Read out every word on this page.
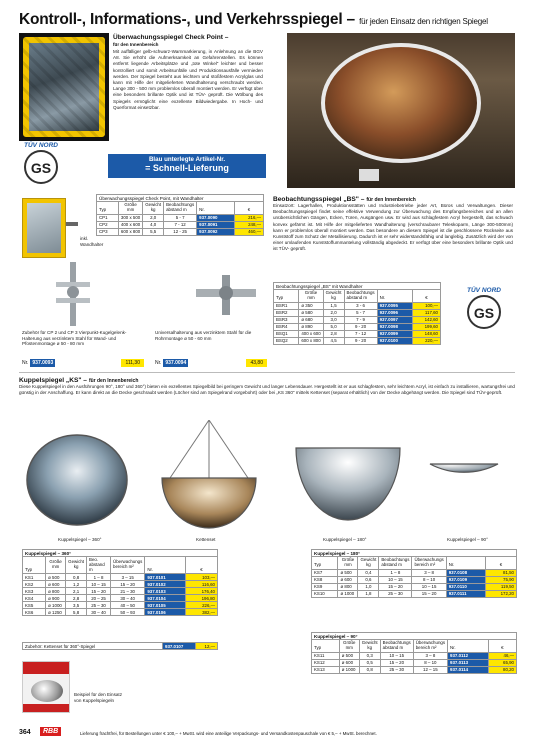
Kontroll-, Informations-, und Verkehrsspiegel – für jeden Einsatz den richtigen Spiegel
Überwachungsspiegel Check Point –
für den Innenbereich
Mit auffälliger gelb-schwarz-Warnmarkierung, in Anlehnung an die BGV A8. Sie erhöht die Aufmerksamkeit an Gefahrenstellen. Es können entfernt liegende Arbeitsplätze und „tote Winkel" leichter und besser kontrolliert und somit Arbeitsunfälle und Produktionsausfälle vermieden werden. Der Spiegel besteht aus leichtem und stoßfestem Acrylglas und kann mit Hilfe der mitgelieferten Wandhalterung verschraubt werden. Lange 300 - 500 mm problemlos überall montiert werden. Er verfügt über eine besonders brillante Optik und ist TÜV- geprüft. Die Wölbung des Spiegels ermöglicht eine exzellente Bildwiedergabe. In Hoch- und Querformat einsetzbar.
TÜV NORD
GS
Blau unterlegte Artikel-Nr.
= Schnell-Lieferung
inkl. Wandhalter
Überwachungsspiegel Check Point, mit Wandhalter					
Typ	Größe mm	Gewicht kg	Beobachtungs abstand m	Nr.	€
CP1	300 x 500	2,0	5 - 7	937.0090	216,—
CP2	400 x 600	4,0	7 - 12	937.0091	248,—
CP3	600 x 800	5,5	12 - 25	937.0092	460,—
Zubehör für CP 2 und CP 3 Vierpunkt-Kugelgelenk-Halterung aus verzinktem Stahl für Wand- und Pfostenmontage ø 50 - 80 mm
Nr. 937.0093	111,30
Universalhalterung aus verzinktem Stahl für die Rohrmontage ø 50 - 60 mm
Nr. 937.0094	43,80
Beobachtungsspiegel „BS" – für den Innenbereich
Einsatzort: Lagerhallen, Produktionsstätten und Industriebetriebe jeder Art, Büros und Verwaltungen. Dieser Beobachtungsspiegel findet seine effektive Verwendung zur Überwachung des Empfangsbereiches und an allen unübersichtlichen Gängen, Ecken, Türen, Ausgängen usw. Er wird aus schlagfestem Acryl hergestellt, das schwach konvex gefärmt ist. Mit Hilfe der mitgelieferten Wandhalterung (verschraubarer Teleskoparm, Länge 300-500mm) kann er problemlos überall montiert werden. Das besondere an diesem Spiegel ist die geschlossene Rückseite aus Kunststoff zum Schutz der Metallisierung. Dadurch ist er sehr widerstandsfähig und langlebig. Zusätzlich wird der von einer umlaufenden Kunststoffummantelung vollständig abgedeckt. Er verfügt über eine besonders brillante Optik und ist TÜV- geprüft.
Beobachtungsspiegel „BS" mit Wandhalter					
Typ	Größe mm	Gewicht kg	Beobachtungs abstand m	Nr.	€
BSR1	ø 350	1,5	3 - 6	937.0095	100,—
BSR2	ø 580	2,0	5 - 7	937.0096	117,60
BSR3	ø 680	3,0	7 - 9	937.0097	142,60
BSR4	ø 890	5,0	9 - 20	937.0098	199,60
BSQ1	400 x 600	2,8	7 - 12	937.0099	148,60
BSQ2	600 x 800	4,5	9 - 20	937.0100	220,—
TÜV NORD
GS
Kuppelspiegel „KS" – für den Innenbereich
Diese Kuppelspiegel in den Ausführungen 90°, 180° und 360°) bieten ein exzellentes Spiegelbild bei geringem Gewicht und langer Lebensdauer. Hergestellt ist er aus schlagfestem, sehr leichtem Acryl, ist einfach zu installieren, wartungsfrei und günstig in der Anschaffung. Er kann direkt an die Decke geschraubt werden (Löcher sind am Spiegelrand vorgebohrt) oder bei „KS 360" mittels Kettenset (separat erhältlich) von der Decke abgehängt werden. Die Spiegel sind TÜV-geprüft.
Kuppelspiegel – 360°	Kettenset	Kuppelspiegel – 180°	Kuppelspiegel – 90°
Kuppelspiegel – 360°						
Typ	Größe mm	Gewicht kg	Beo. abstand m	Überwachungs bereich m²	Nr.	€
KS1	ø 500	0,8	1 – 8	3 – 15	937.0101	103,—
KS2	ø 600	1,2	10 – 15	15 – 20	937.0102	116,60
KS3	ø 800	2,1	15 – 20	21 – 30	937.0103	176,40
KS4	ø 900	2,8	20 – 25	30 – 40	937.0104	196,80
KS5	ø 1000	3,5	25 – 30	40 – 50	937.0105	226,—
KS6	ø 1250	5,8	30 – 40	50 – 93	937.0106	382,—
Zubehör: Kettenset für 360°-Spiegel	937.0107	12,—
Beispiel für den Einsatz von Kuppelspiegeln
Kuppelspiegel – 180°						
Typ	Größe mm	Gewicht kg	Beobachtungs abstand m	Überwachungs bereich m²	Nr.	€
KS7	ø 500	0,4	1 – 8	3 – 8	937.0108	81,50
KS8	ø 600	0,6	10 – 15	8 – 10	937.0109	75,90
KS9	ø 800	1,0	15 – 20	10 – 15	937.0110	119,50
KS10	ø 1000	1,8	25 – 30	15 – 20	937.0111	172,20
Kuppelspiegel – 90°						
Typ	Größe mm	Gewicht kg	Beobachtungs abstand m	Überwachungs bereich m²	Nr.	€
KS11	ø 500	0,3	10 – 15	3 – 8	937.0112	46,—
KS12	ø 600	0,5	15 – 20	8 – 10	937.0113	65,90
KS13	ø 1000	0,8	25 – 30	12 – 15	937.0114	80,20
364	RBB	Lieferung frachtfrei, für Bestellungen unter € 100,– + MwSt. wird eine anteilige Verpackungs- und Versandkostenpauschale von € 5,– + MwSt. berechnet.
